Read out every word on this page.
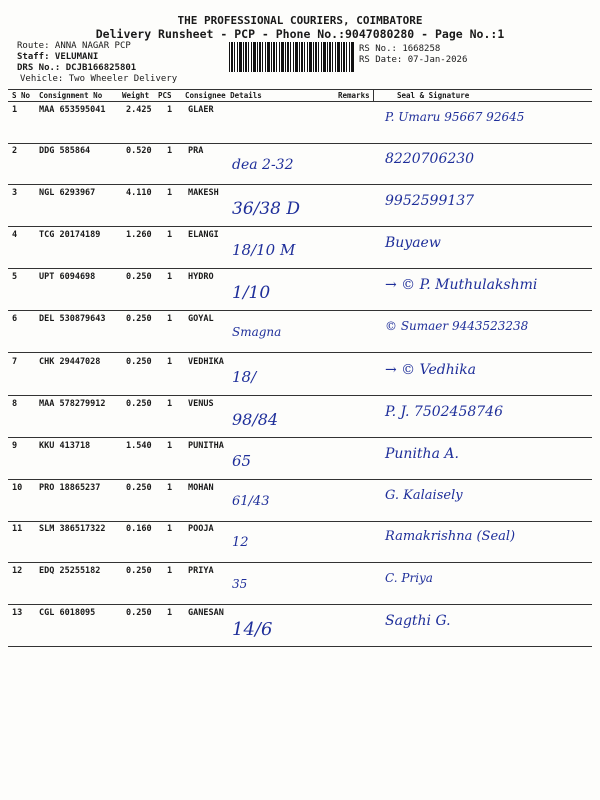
THE PROFESSIONAL COURIERS, COIMBATORE
Delivery Runsheet - PCP - Phone No.:9047080280 - Page No.:1
Route: ANNA NAGAR PCP
Staff: VELUMANI
DRS No.: DCJB166825801
Vehicle: Two Wheeler Delivery
RS No.: 1668258
RS Date: 07-Jan-2026
S No Consignment No	Weight PCS Consignee Details	Remarks	Seal & Signature
1	MAA 653595041 2.425 1 GLAER	P. Umaru 95667 92645
2	DDG 585864	0.520 1 PRA
dea 2-32	8220706230
3	NGL 6293967	4.110 1 MAKESH
36/38 D	9952599137
4	TCG 20174189	1.260 1 ELANGI
18/10 M	Buyaew
5	UPT 6094698	0.250 1 HYDRO
1/10	→ © P. Muthulakshmi
6	DEL 530879643 0.250 1 GOYAL
Smagna	© Sumaer 9443523238
7	CHK 29447028	0.250 1 VEDHIKA
18/	→ © Vedhika
8	MAA 578279912 0.250 1 VENUS
98/84	P. J. 7502458746
9	KKU 413718	1.540 1 PUNITHA
65	Punitha A.
10 PRO 18865237	0.250 1 MOHAN
61/43	G. Kalaisely
11 SLM 386517322 0.160 1 POOJA
12	Ramakrishna (Seal)
12 EDQ 25255182	0.250 1 PRIYA
35	C. Priya
13 CGL 6018095	0.250 1 GANESAN
14/6	Sagthi G.
